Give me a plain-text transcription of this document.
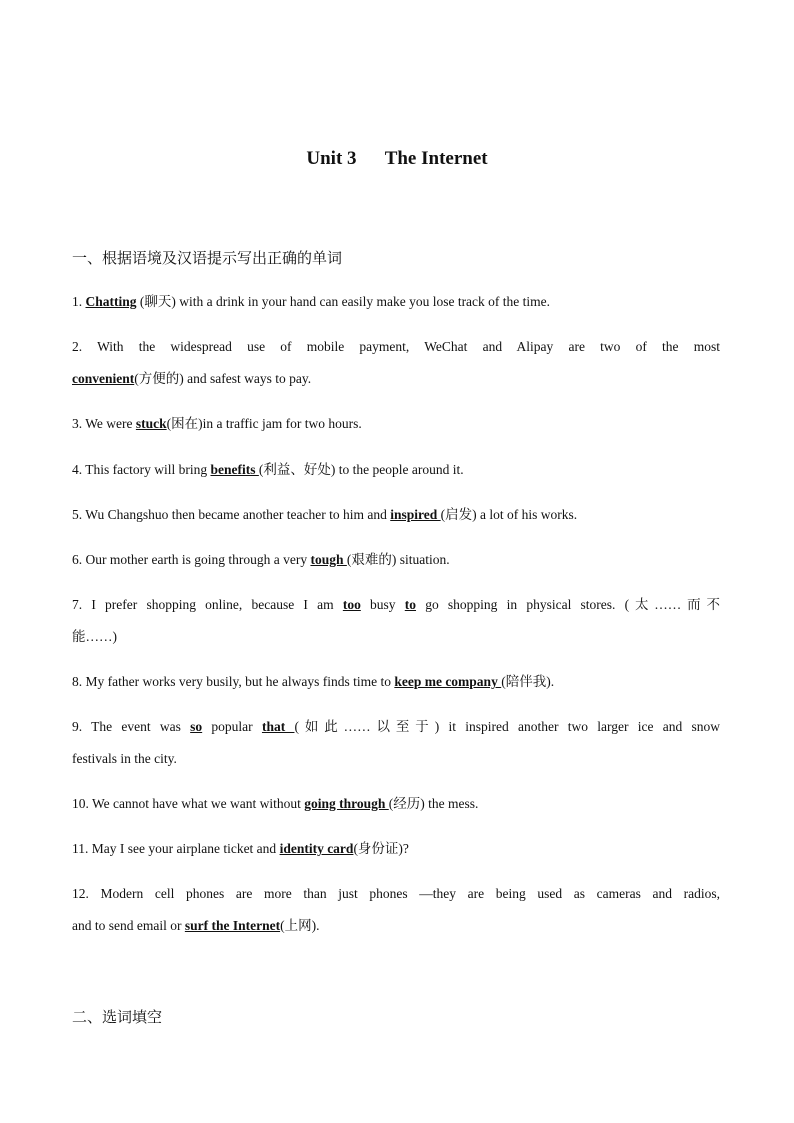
Unit 3      The Internet
一、根据语境及汉语提示写出正确的单词
1. Chatting (聊天) with a drink in your hand can easily make you lose track of the time.
2. With the widespread use of mobile payment, WeChat and Alipay are two of the most
convenient(方便的) and safest ways to pay.
3. We were stuck(困在)in a traffic jam for two hours.
4. This factory will bring benefits (利益、好处) to the people around it.
5. Wu Changshuo then became another teacher to him and inspired (启发) a lot of his works.
6. Our mother earth is going through a very tough (艰难的) situation.
7. I prefer shopping online, because I am too busy to go shopping in physical stores. (太……而不
能……)
8. My father works very busily, but he always finds time to keep me company (陪伴我).
9. The event was so popular that (如此……以至于) it inspired another two larger ice and snow
festivals in the city.
10. We cannot have what we want without going through (经历) the mess.
11. May I see your airplane ticket and identity card(身份证)?
12. Modern cell phones are more than just phones —they are being used as cameras and radios,
and to send email or surf the Internet(上网).
二、选词填空
